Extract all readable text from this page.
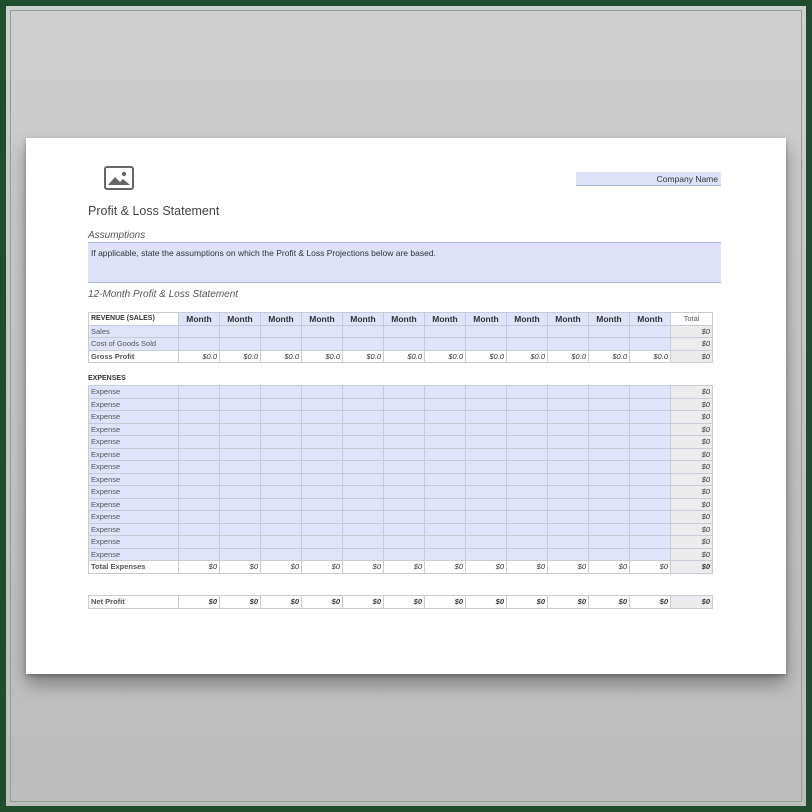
Company Name
Profit & Loss Statement
Assumptions
If applicable, state the assumptions on which the Profit & Loss Projections below are based.
12-Month Profit & Loss Statement
REVENUE (SALES)	Month	Month	Month	Month	Month	Month	Month	Month	Month	Month	Month	Month	Total
Sales													$0
Cost of Goods Sold													$0
Gross Profit	$0.0	$0.0	$0.0	$0.0	$0.0	$0.0	$0.0	$0.0	$0.0	$0.0	$0.0	$0.0	$0
EXPENSES
Expense													$0
Expense													$0
Expense													$0
Expense													$0
Expense													$0
Expense													$0
Expense													$0
Expense													$0
Expense													$0
Expense													$0
Expense													$0
Expense													$0
Expense													$0
Expense													$0
Total Expenses	$0	$0	$0	$0	$0	$0	$0	$0	$0	$0	$0	$0	$0
Net Profit	$0	$0	$0	$0	$0	$0	$0	$0	$0	$0	$0	$0	$0
